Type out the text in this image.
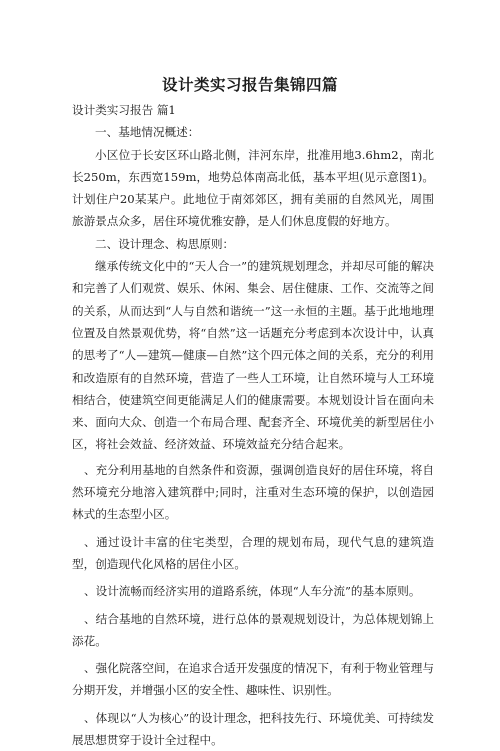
设计类实习报告集锦四篇

设计类实习报告 篇1

一、基地情况概述：

小区位于长安区环山路北侧，沣河东岸，批准用地3.6hm2，南北长250m，东西宽159m，地势总体南高北低，基本平坦(见示意图1)。计划住户20某某户。此地位于南郊郊区，拥有美丽的自然风光，周围旅游景点众多，居住环境优雅安静，是人们休息度假的好地方。

二、设计理念、构思原则：

继承传统文化中的“天人合一”的建筑规划理念，并却尽可能的解决和完善了人们观赏、娱乐、休闲、集会、居住健康、工作、交流等之间的关系，从而达到“人与自然和谐统一”这一永恒的主题。基于此地地理位置及自然景观优势，将“自然”这一话题充分考虑到本次设计中，认真的思考了“人—建筑—健康—自然”这个四元体之间的关系，充分的利用和改造原有的自然环境，营造了一些人工环境，让自然环境与人工环境相结合，使建筑空间更能满足人们的健康需要。本规划设计旨在面向未来、面向大众、创造一个布局合理、配套齐全、环境优美的新型居住小区，将社会效益、经济效益、环境效益充分结合起来。

、充分利用基地的自然条件和资源，强调创造良好的居住环境，将自然环境充分地溶入建筑群中;同时，注重对生态环境的保护，以创造园林式的生态型小区。

、通过设计丰富的住宅类型，合理的规划布局，现代气息的建筑造型，创造现代化风格的居住小区。

、设计流畅而经济实用的道路系统，体现“人车分流”的基本原则。

、结合基地的自然环境，进行总体的景观规划设计，为总体规划锦上添花。

、强化院落空间，在追求合适开发强度的情况下，有利于物业管理与分期开发，并增强小区的安全性、趣味性、识别性。

、体现以“人为核心”的设计理念，把科技先行、环境优美、可持续发展思想贯穿于设计全过程中。
